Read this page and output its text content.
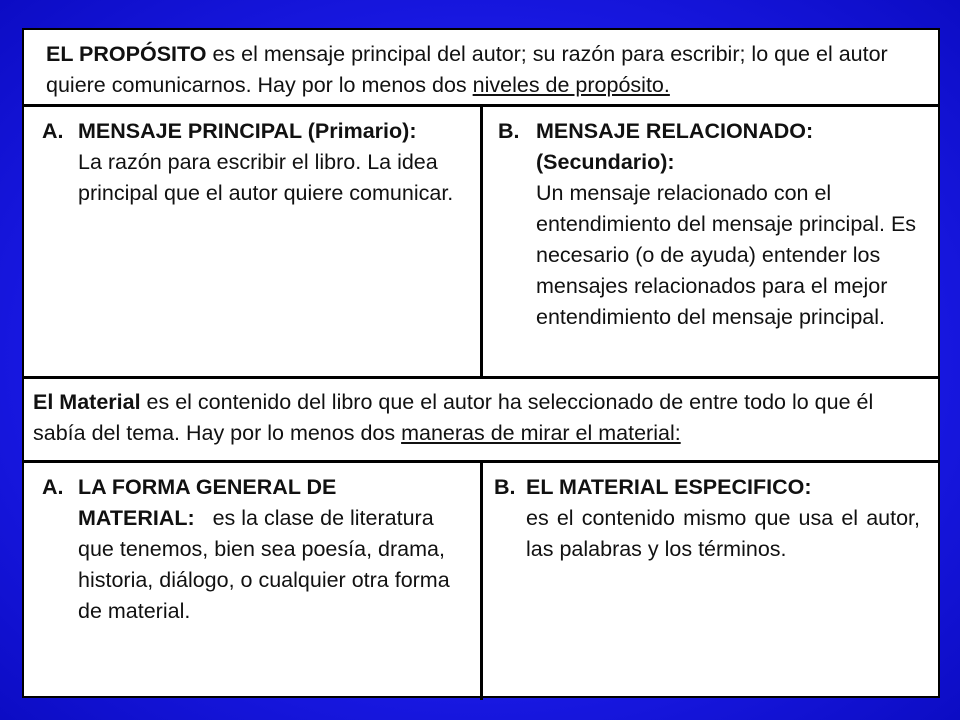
EL PROPÓSITO es el mensaje principal del autor; su razón para escribir; lo que el autor quiere comunicarnos. Hay por lo menos dos niveles de propósito.
A. MENSAJE PRINCIPAL (Primario):
La razón para escribir el libro. La idea principal que el autor quiere comunicar.
B. MENSAJE RELACIONADO: (Secundario):
Un mensaje relacionado con el entendimiento del mensaje principal. Es necesario (o de ayuda) entender los mensajes relacionados para el mejor entendimiento del mensaje principal.
El Material es el contenido del libro que el autor ha seleccionado de entre todo lo que él sabía del tema. Hay por lo menos dos maneras de mirar el material:
A. LA FORMA GENERAL DE MATERIAL: es la clase de literatura que tenemos, bien sea poesía, drama, historia, diálogo, o cualquier otra forma de material.
B. EL MATERIAL ESPECIFICO:
es el contenido mismo que usa el autor, las palabras y los términos.
